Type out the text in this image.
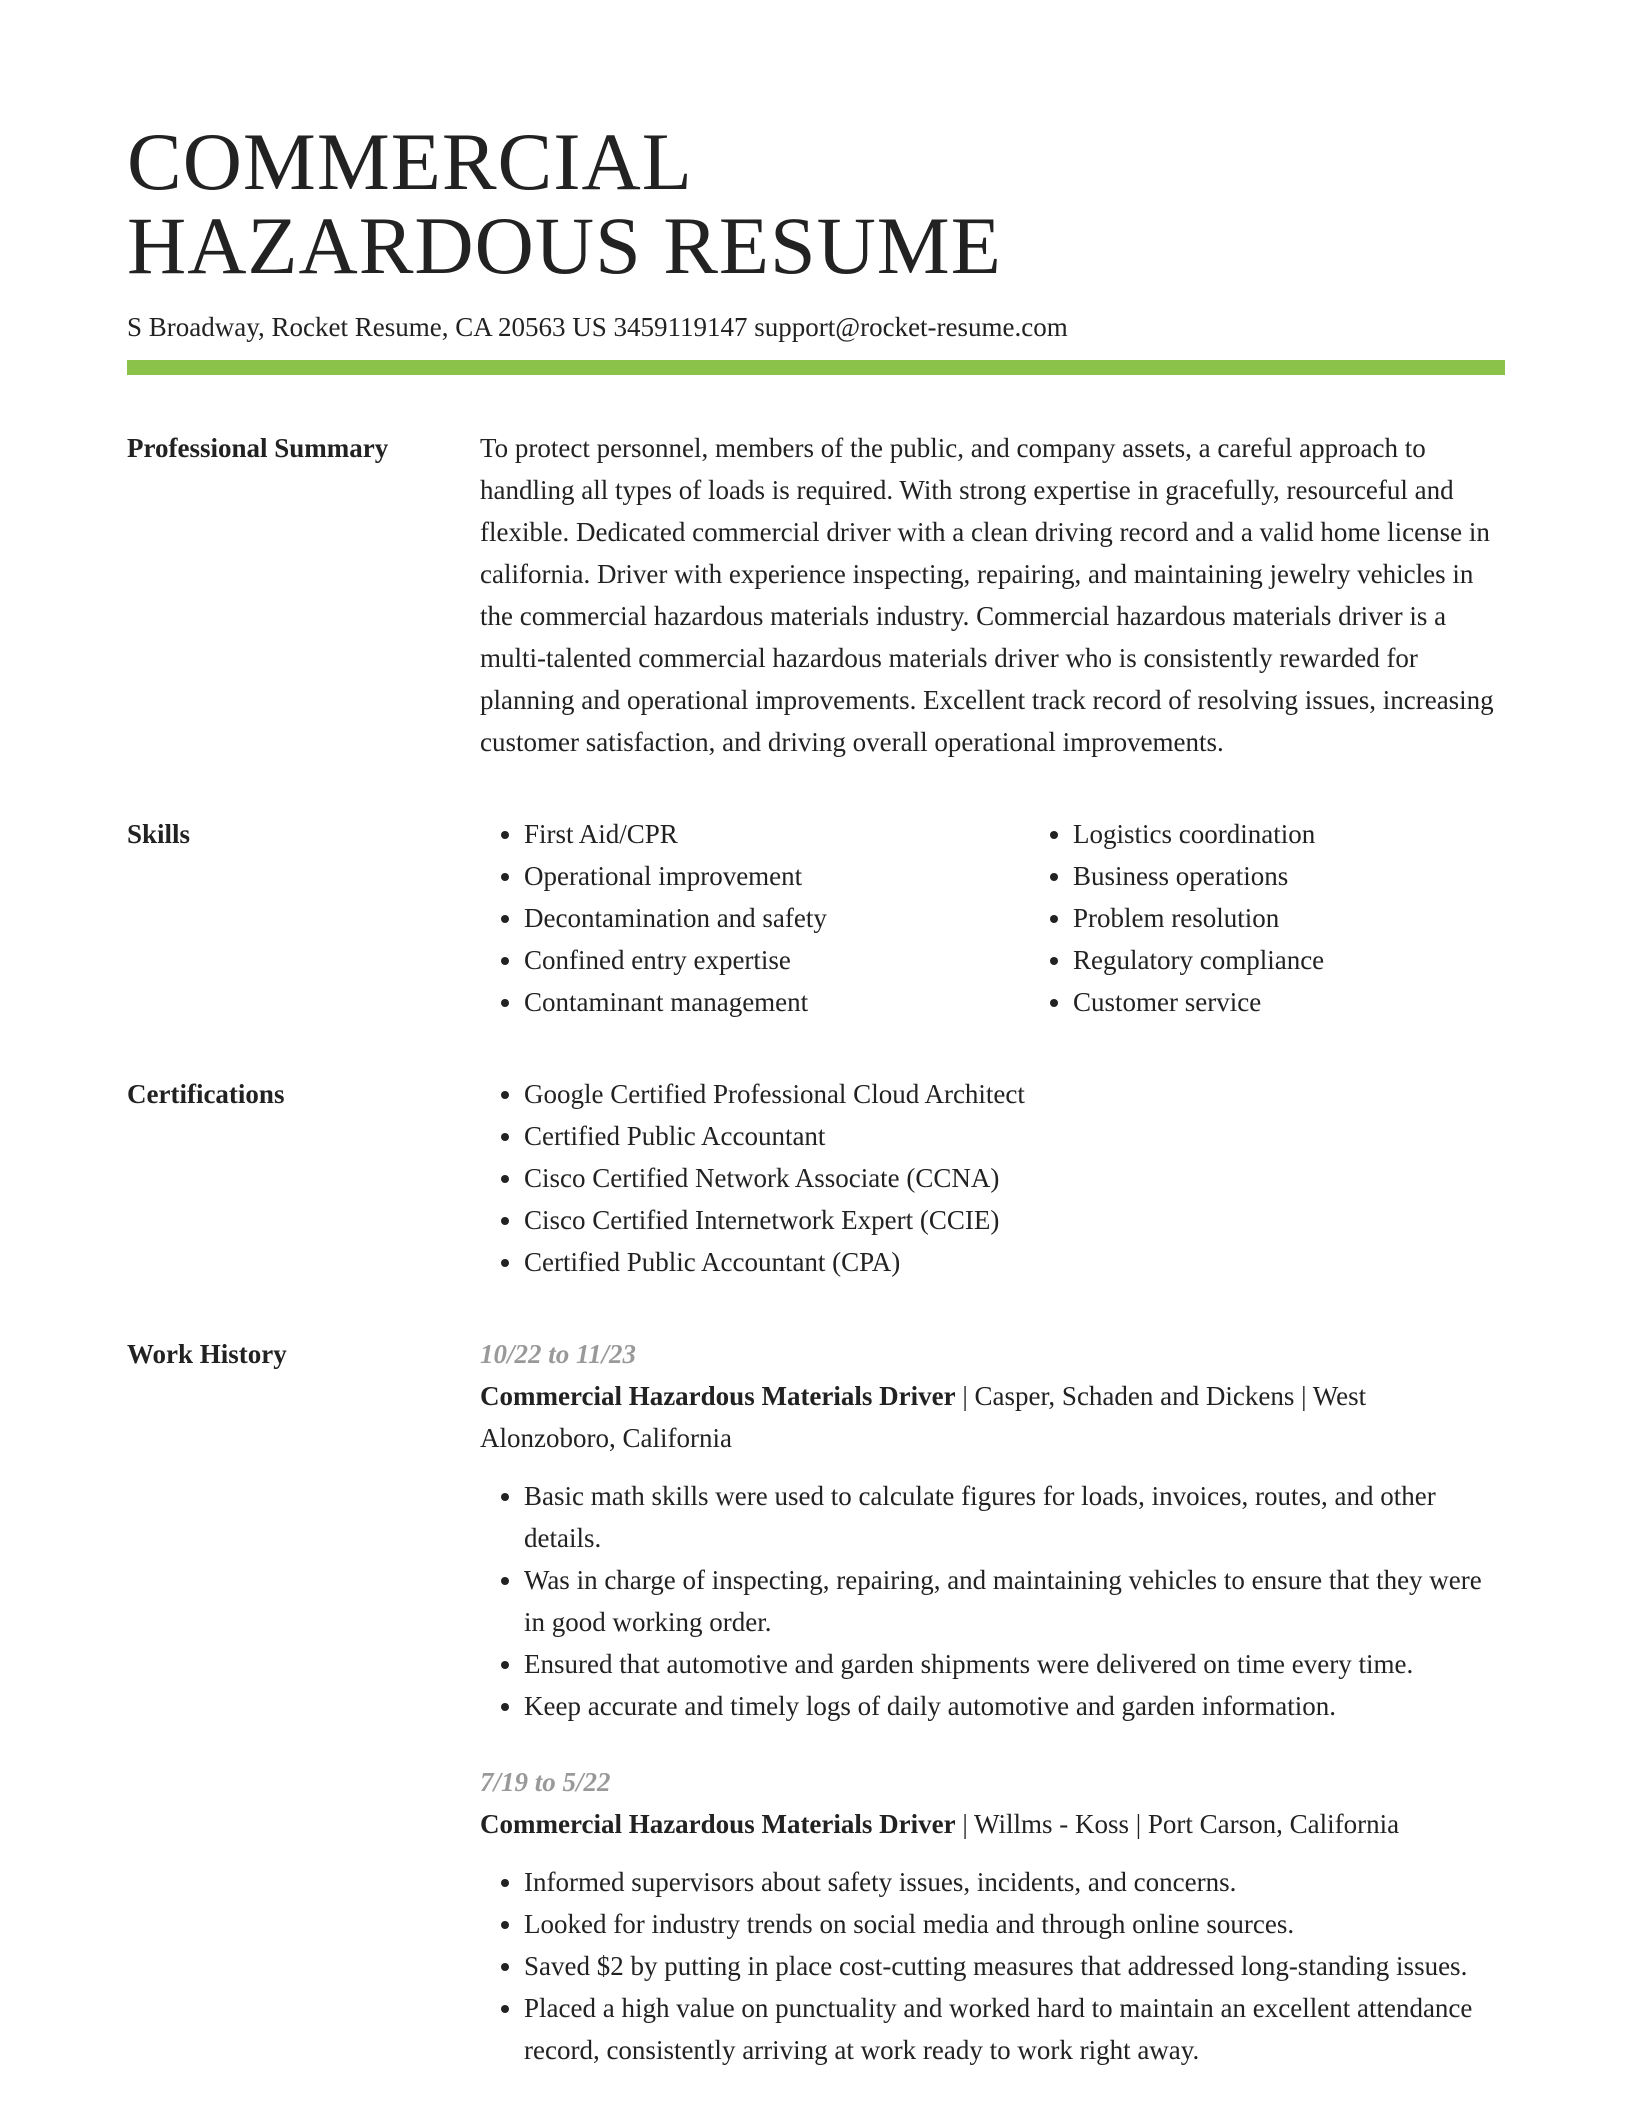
COMMERCIAL
HAZARDOUS RESUME
S Broadway, Rocket Resume, CA 20563 US 3459119147 support@rocket-resume.com
Professional Summary	To protect personnel, members of the public, and company assets, a careful approach to handling all types of loads is required. With strong expertise in gracefully, resourceful and flexible. Dedicated commercial driver with a clean driving record and a valid home license in california. Driver with experience inspecting, repairing, and maintaining jewelry vehicles in the commercial hazardous materials industry. Commercial hazardous materials driver is a multi-talented commercial hazardous materials driver who is consistently rewarded for planning and operational improvements. Excellent track record of resolving issues, increasing customer satisfaction, and driving overall operational improvements.

Skills	• First Aid/CPR
• Operational improvement
• Decontamination and safety
• Confined entry expertise
• Contaminant management
• Logistics coordination
• Business operations
• Problem resolution
• Regulatory compliance
• Customer service
Certifications	• Google Certified Professional Cloud Architect
• Certified Public Accountant
• Cisco Certified Network Associate (CCNA)
• Cisco Certified Internetwork Expert (CCIE)
• Certified Public Accountant (CPA)
Work History	10/22 to 11/23
Commercial Hazardous Materials Driver | Casper, Schaden and Dickens | West Alonzoboro, California
• Basic math skills were used to calculate figures for loads, invoices, routes, and other details.
• Was in charge of inspecting, repairing, and maintaining vehicles to ensure that they were in good working order.
• Ensured that automotive and garden shipments were delivered on time every time.
• Keep accurate and timely logs of daily automotive and garden information.
7/19 to 5/22
Commercial Hazardous Materials Driver | Willms - Koss | Port Carson, California
• Informed supervisors about safety issues, incidents, and concerns.
• Looked for industry trends on social media and through online sources.
• Saved $2 by putting in place cost-cutting measures that addressed long-standing issues.
• Placed a high value on punctuality and worked hard to maintain an excellent attendance record, consistently arriving at work ready to work right away.
